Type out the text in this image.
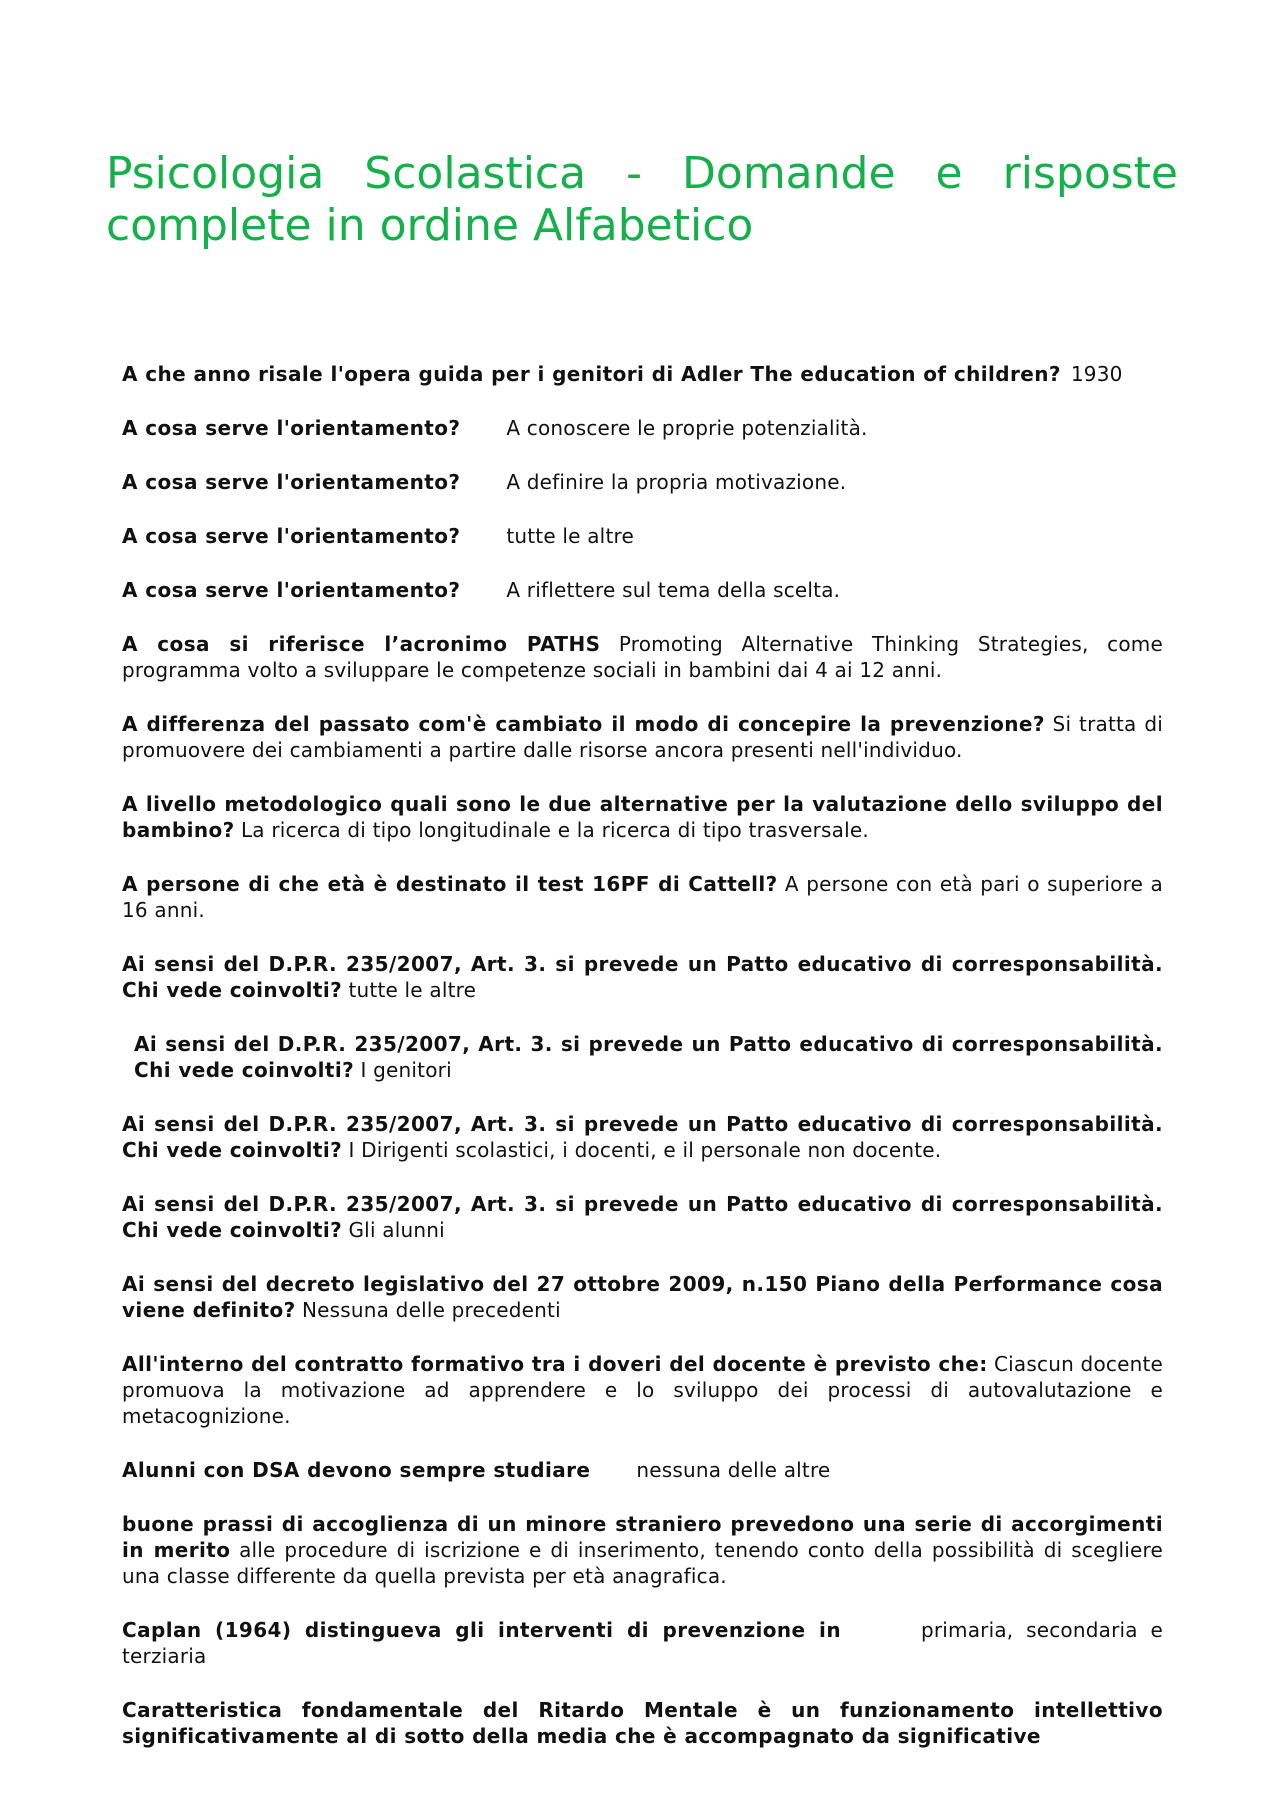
Psicologia Scolastica - Domande e risposte complete in ordine Alfabetico

A che anno risale l'opera guida per i genitori di Adler The education of children? 1930

A cosa serve l'orientamento? A conoscere le proprie potenzialità.

A cosa serve l'orientamento? A definire la propria motivazione.

A cosa serve l'orientamento? tutte le altre

A cosa serve l'orientamento? A riflettere sul tema della scelta.

A cosa si riferisce l’acronimo PATHS Promoting Alternative Thinking Strategies, come programma volto a sviluppare le competenze sociali in bambini dai 4 ai 12 anni.

A differenza del passato com'è cambiato il modo di concepire la prevenzione? Si tratta di promuovere dei cambiamenti a partire dalle risorse ancora presenti nell'individuo.

A livello metodologico quali sono le due alternative per la valutazione dello sviluppo del bambino? La ricerca di tipo longitudinale e la ricerca di tipo trasversale.

A persone di che età è destinato il test 16PF di Cattell? A persone con età pari o superiore a 16 anni.

Ai sensi del D.P.R. 235/2007, Art. 3. si prevede un Patto educativo di corresponsabilità. Chi vede coinvolti? tutte le altre

Ai sensi del D.P.R. 235/2007, Art. 3. si prevede un Patto educativo di corresponsabilità. Chi vede coinvolti? I genitori

Ai sensi del D.P.R. 235/2007, Art. 3. si prevede un Patto educativo di corresponsabilità. Chi vede coinvolti? I Dirigenti scolastici, i docenti, e il personale non docente.

Ai sensi del D.P.R. 235/2007, Art. 3. si prevede un Patto educativo di corresponsabilità. Chi vede coinvolti? Gli alunni

Ai sensi del decreto legislativo del 27 ottobre 2009, n.150 Piano della Performance cosa viene definito? Nessuna delle precedenti

All'interno del contratto formativo tra i doveri del docente è previsto che: Ciascun docente promuova la motivazione ad apprendere e lo sviluppo dei processi di autovalutazione e metacognizione.

Alunni con DSA devono sempre studiare nessuna delle altre

buone prassi di accoglienza di un minore straniero prevedono una serie di accorgimenti in merito alle procedure di iscrizione e di inserimento, tenendo conto della possibilità di scegliere una classe differente da quella prevista per età anagrafica.

Caplan (1964) distingueva gli interventi di prevenzione in	primaria, secondaria e terziaria

Caratteristica fondamentale del Ritardo Mentale è un funzionamento intellettivo significativamente al di sotto della media che è accompagnato da significative
